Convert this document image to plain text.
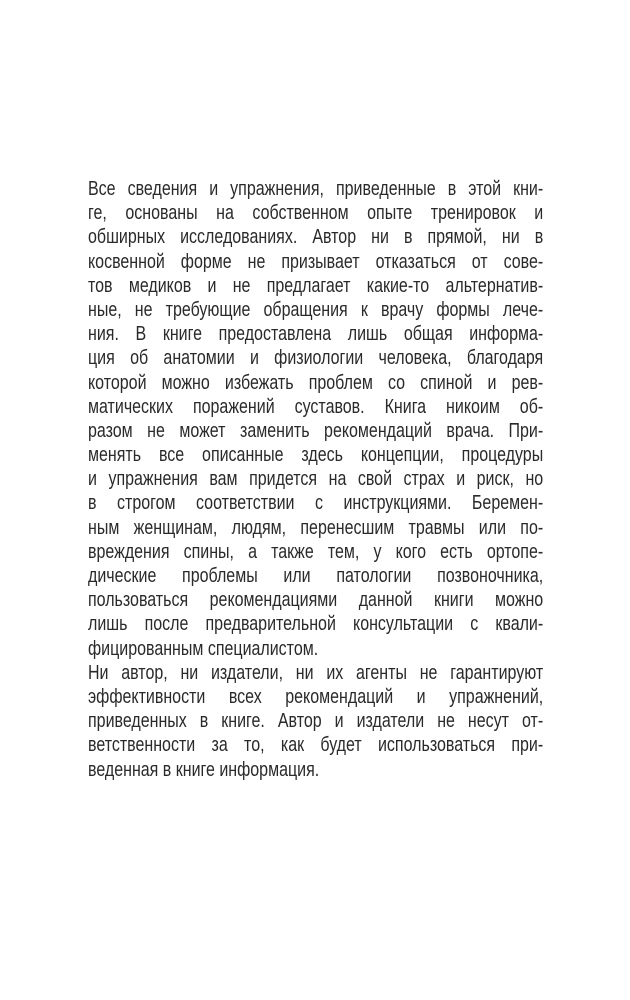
Все сведения и упражнения, приведенные в этой кни-
ге, основаны на собственном опыте тренировок и
обширных исследованиях. Автор ни в прямой, ни в
косвенной форме не призывает отказаться от сове-
тов медиков и не предлагает какие-то альтернатив-
ные, не требующие обращения к врачу формы лече-
ния. В книге предоставлена лишь общая информа-
ция об анатомии и физиологии человека, благодаря
которой можно избежать проблем со спиной и рев-
матических поражений суставов. Книга никоим об-
разом не может заменить рекомендаций врача. При-
менять все описанные здесь концепции, процедуры
и упражнения вам придется на свой страх и риск, но
в строгом соответствии с инструкциями. Беремен-
ным женщинам, людям, перенесшим травмы или по-
вреждения спины, а также тем, у кого есть ортопе-
дические проблемы или патологии позвоночника,
пользоваться рекомендациями данной книги можно
лишь после предварительной консультации с квали-
фицированным специалистом.
Ни автор, ни издатели, ни их агенты не гарантируют
эффективности всех рекомендаций и упражнений,
приведенных в книге. Автор и издатели не несут от-
ветственности за то, как будет использоваться при-
веденная в книге информация.
